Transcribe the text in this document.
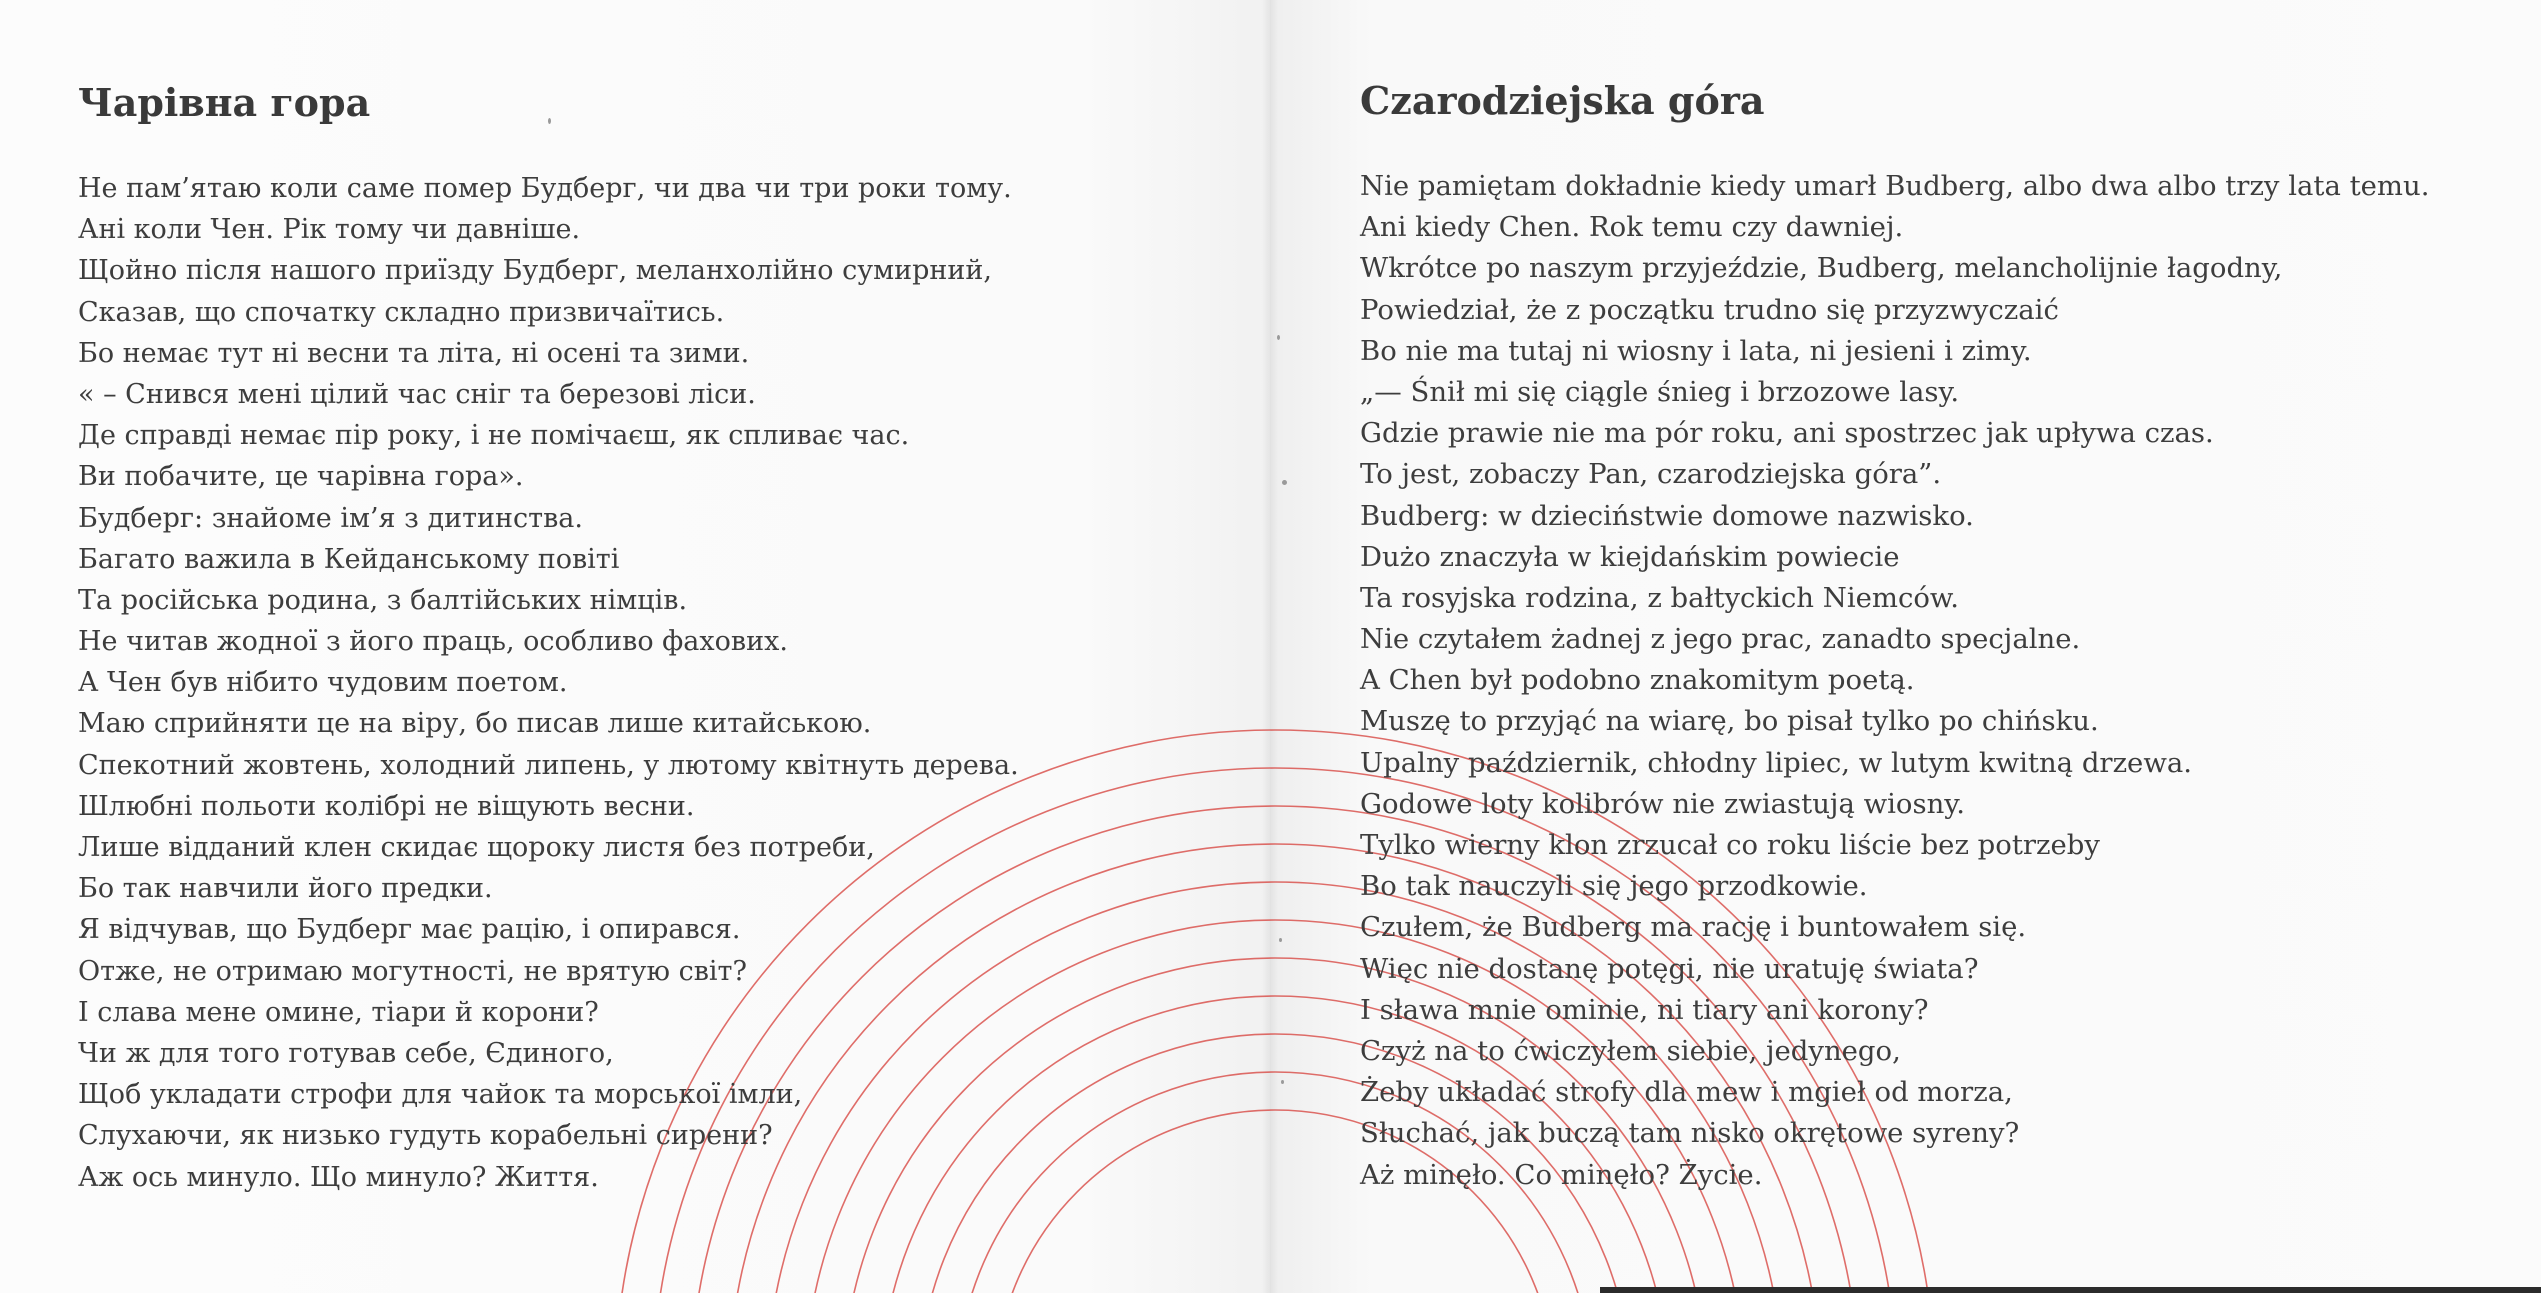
Чарівна гора
Не пам’ятаю коли саме помер Будберг, чи два чи три роки тому.
Ані коли Чен. Рік тому чи давніше.
Щойно після нашого приїзду Будберг, меланхолійно сумирний,
Сказав, що спочатку складно призвичаїтись.
Бо немає тут ні весни та літа, ні осені та зими.
« – Снився мені цілий час сніг та березові ліси.
Де справді немає пір року, і не помічаєш, як спливає час.
Ви побачите, це чарівна гора».
Будберг: знайоме ім’я з дитинства.
Багато важила в Кейданському повіті
Та російська родина, з балтійських німців.
Не читав жодної з його праць, особливо фахових.
А Чен був нібито чудовим поетом.
Маю сприйняти це на віру, бо писав лише китайською.
Спекотний жовтень, холодний липень, у лютому квітнуть дерева.
Шлюбні польоти колібрі не віщують весни.
Лише відданий клен скидає щороку листя без потреби,
Бо так навчили його предки.
Я відчував, що Будберг має рацію, і опирався.
Отже, не отримаю могутності, не врятую світ?
І слава мене омине, тіари й корони?
Чи ж для того готував себе, Єдиного,
Щоб укладати строфи для чайок та морської імли,
Слухаючи, як низько гудуть корабельні сирени?
Аж ось минуло. Що минуло? Життя.
Czarodziejska góra
Nie pamiętam dokładnie kiedy umarł Budberg, albo dwa albo trzy lata temu.
Ani kiedy Chen. Rok temu czy dawniej.
Wkrótce po naszym przyjeździe, Budberg, melancholijnie łagodny,
Powiedział, że z początku trudno się przyzwyczaić
Bo nie ma tutaj ni wiosny i lata, ni jesieni i zimy.
„— Śnił mi się ciągle śnieg i brzozowe lasy.
Gdzie prawie nie ma pór roku, ani spostrzec jak upływa czas.
To jest, zobaczy Pan, czarodziejska góra”.
Budberg: w dzieciństwie domowe nazwisko.
Dużo znaczyła w kiejdańskim powiecie
Ta rosyjska rodzina, z bałtyckich Niemców.
Nie czytałem żadnej z jego prac, zanadto specjalne.
A Chen był podobno znakomitym poetą.
Muszę to przyjąć na wiarę, bo pisał tylko po chińsku.
Upalny październik, chłodny lipiec, w lutym kwitną drzewa.
Godowe loty kolibrów nie zwiastują wiosny.
Tylko wierny klon zrzucał co roku liście bez potrzeby
Bo tak nauczyli się jego przodkowie.
Czułem, że Budberg ma rację i buntowałem się.
Więc nie dostanę potęgi, nie uratuję świata?
I sława mnie ominie, ni tiary ani korony?
Czyż na to ćwiczyłem siebie, jedynego,
Żeby układać strofy dla mew i mgieł od morza,
Słuchać, jak buczą tam nisko okrętowe syreny?
Aż minęło. Co minęło? Życie.
